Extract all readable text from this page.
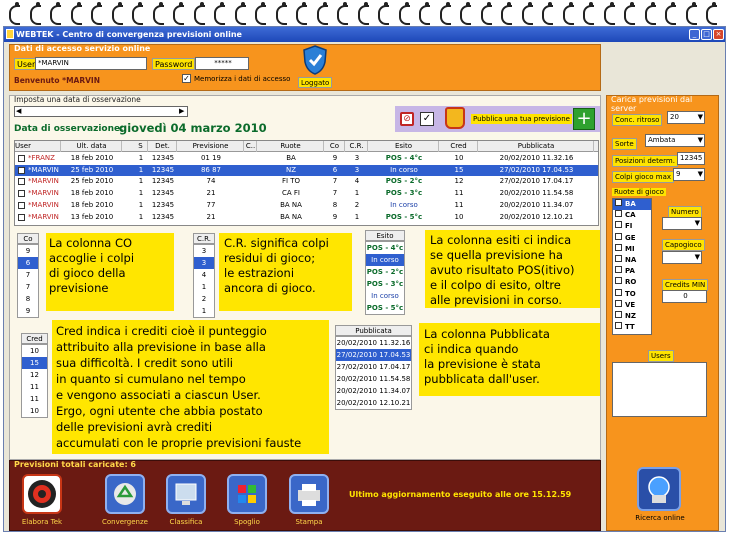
WEBTEK - Centro di convergenza previsioni online	_ □ ×
Dati di accesso servizio online
User *MARVIN	Password	*****
Benvenuto *MARVIN	✓ Memorizza i dati di accesso	Loggato
Imposta una data di osservazione
◀	▶
Data di osservazione:
giovedì 04 marzo 2010
⊘	✓	Pubblica una tua previsione +
User	Ult. data	S	Det.	Previsione	C..	Ruote	Co	C.R.	Esito	Cred	Pubblicata
*FRANZ	18 feb 2010	1	12345	01 19	BA	9	3	POS - 4°c	10	20/02/2010 11.32.16
*MARVIN	25 feb 2010	1	12345	86 87	NZ	6	3	In corso	15	27/02/2010 17.04.53
*MARVIN	25 feb 2010	1	12345	74	FI TO	7	4	POS - 2°c	12	27/02/2010 17.04.17
*MARVIN	18 feb 2010	1	12345	21	CA FI	7	1	POS - 3°c	11	20/02/2010 11.54.58
*MARVIN	18 feb 2010	1	12345	77	BA NA	8	2	In corso	11	20/02/2010 11.34.07
*MARVIN	13 feb 2010	1	12345	21	BA NA	9	1	POS - 5°c	10	20/02/2010 12.10.21
Co
9
6
7
7
8
9
La colonna CO
accoglie i colpi
di gioco della
previsione
C.R.
3
3
4
1
2
1
C.R. significa colpi
residui di gioco;
le estrazioni
ancora di gioco.
Esito
POS - 4°c
In corso
POS - 2°c
POS - 3°c
In corso
POS - 5°c
La colonna esiti ci indica
se quella previsione ha
avuto risultato POS(itivo)
e il colpo di esito, oltre
alle previsioni in corso.
Cred
10
15
12
11
11
10
Cred indica i crediti cioè il punteggio
attribuito alla previsione in base alla
sua difficoltà. I credit sono utili
in quanto si cumulano nel tempo
e vengono associati a ciascun User.
Ergo, ogni utente che abbia postato
delle previsioni avrà crediti
accumulati con le proprie previsioni fauste
Pubblicata
20/02/2010 11.32.16
27/02/2010 17.04.53
27/02/2010 17.04.17
20/02/2010 11.54.58
20/02/2010 11.34.07
20/02/2010 12.10.21
La colonna Pubblicata
ci indica quando
la previsione è stata
pubblicata dall'user.
Carica previsioni dal server
Conc. ritroso	20	▼
Sorte	Ambata	▼
Posizioni determ. 12345
Colpi gioco max 9 ▼
Ruote di gioco
BA
CA
FI
GE
MI
NA
PA
RO
TO
VE
NZ
TT
Numero
▼
Capogioco
▼
Credits MIN
0
Users
Ricerca online
Previsioni totali caricate: 6
Elabora Tek	Convergenze	Classifica	Spoglio	Stampa
Ultimo aggiornamento eseguito alle ore 15.12.59
